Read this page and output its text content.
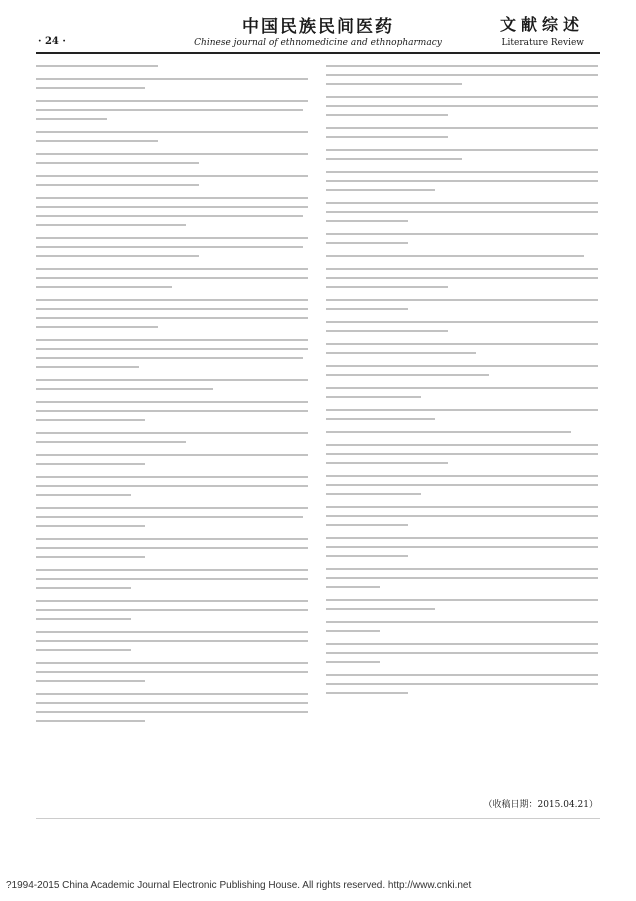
· 24 ·
中国民族民间医药
Chinese journal of ethnomedicine and ethnopharmacy
文献综述
Literature Review
（收稿日期：2015.04.21）
?1994-2015 China Academic Journal Electronic Publishing House. All rights reserved. http://www.cnki.net
